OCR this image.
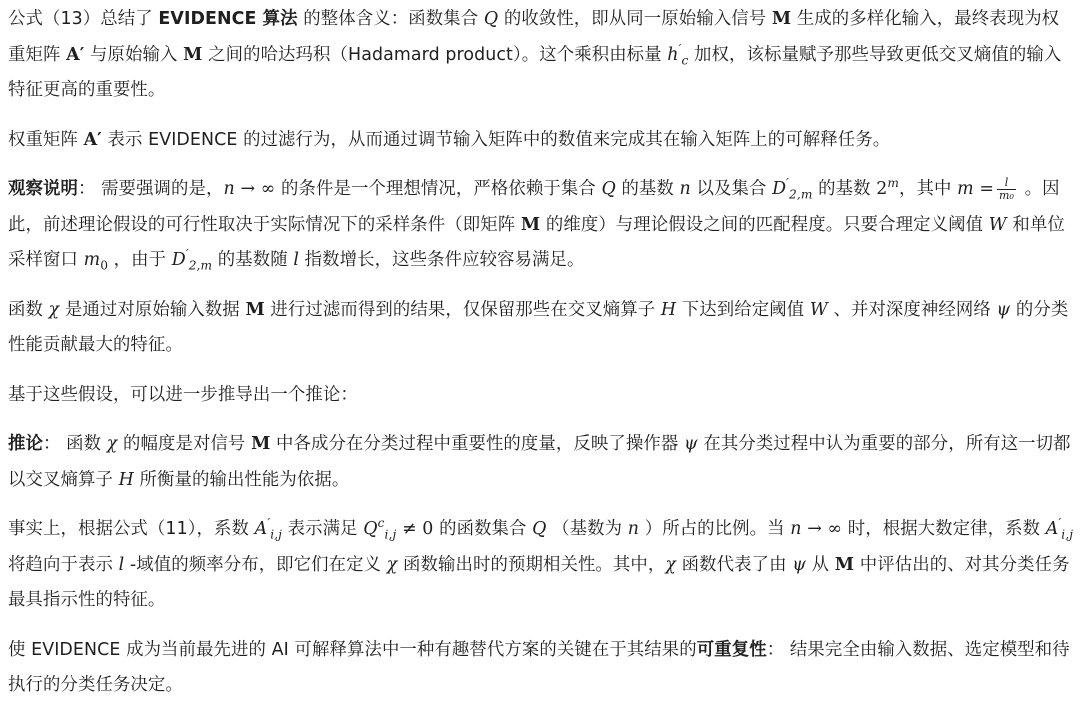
公式（13）总结了 EVIDENCE 算法 的整体含义：函数集合 Q 的收敛性，即从同一原始输入信号 M 生成的多样化输入，最终表现为权重矩阵 A′ 与原始输入 M 之间的哈达玛积（Hadamard product）。这个乘积由标量 $h'_c$ 加权，该标量赋予那些导致更低交叉熵值的输入特征更高的重要性。

权重矩阵 A′ 表示 EVIDENCE 的过滤行为，从而通过调节输入矩阵中的数值来完成其在输入矩阵上的可解释任务。

观察说明： 需要强调的是，n → ∞ 的条件是一个理想情况，严格依赖于集合 Q 的基数 n 以及集合 $D'_{2,m}$ 的基数 2$^m$，其中 $m = \frac{l}{\text{m₀}}$ 。因此，前述理论假设的可行性取决于实际情况下的采样条件（即矩阵 M 的维度）与理论假设之间的匹配程度。只要合理定义阈值 W 和单位采样窗口 $m_0$ ，由于 $D'_{2,m}$ 的基数随 l 指数增长，这些条件应较容易满足。

函数 χ 是通过对原始输入数据 M 进行过滤而得到的结果，仅保留那些在交叉熵算子 H 下达到给定阈值 W 、并对深度神经网络 ψ 的分类性能贡献最大的特征。

基于这些假设，可以进一步推导出一个推论：

推论： 函数 χ 的幅度是对信号 M 中各成分在分类过程中重要性的度量，反映了操作器 ψ 在其分类过程中认为重要的部分，所有这一切都以交叉熵算子 H 所衡量的输出性能为依据。

事实上，根据公式（11），系数 $A'_{i,j}$ 表示满足 $Q^c_{i,j} \ne 0$ 的函数集合 Q （基数为 n ）所占的比例。当 n → ∞ 时，根据大数定律，系数 $A'_{i,j}$ 将趋向于表示 l -域值的频率分布，即它们在定义 χ 函数输出时的预期相关性。其中，χ 函数代表了由 ψ 从 M 中评估出的、对其分类任务最具指示性的特征。

使 EVIDENCE 成为当前最先进的 AI 可解释算法中一种有趣替代方案的关键在于其结果的可重复性： 结果完全由输入数据、选定模型和待执行的分类任务决定。
